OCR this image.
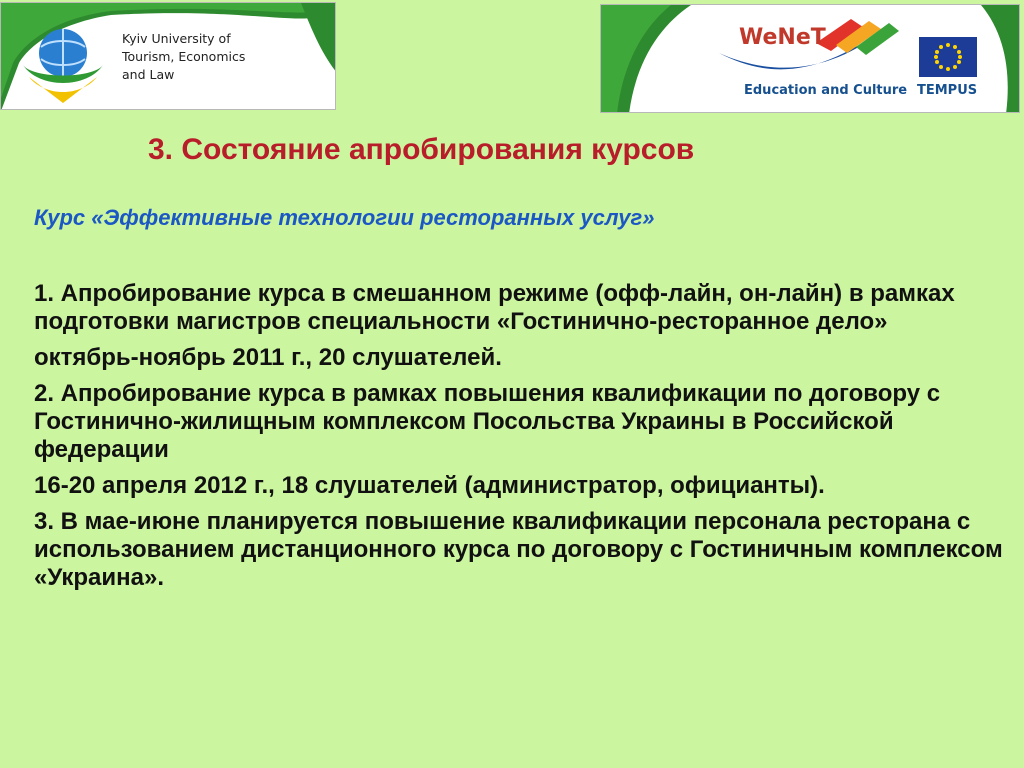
Kyiv University of
Tourism, Economics
and Law
WeNeT
Education and Culture TEMPUS
3. Состояние апробирования курсов
Курс «Эффективные технологии ресторанных услуг»

1. Апробирование курса в смешанном режиме (офф-лайн, он-лайн) в рамках подготовки магистров специальности «Гостинично-ресторанное дело»

октябрь-ноябрь 2011 г., 20 слушателей.

2. Апробирование курса в рамках повышения квалификации по договору с Гостинично-жилищным комплексом Посольства Украины в Российской федерации

16-20 апреля 2012 г., 18 слушателей (администратор, официанты).

3. В мае-июне планируется повышение квалификации персонала ресторана с использованием дистанционного курса по договору с Гостиничным комплексом «Украина».
